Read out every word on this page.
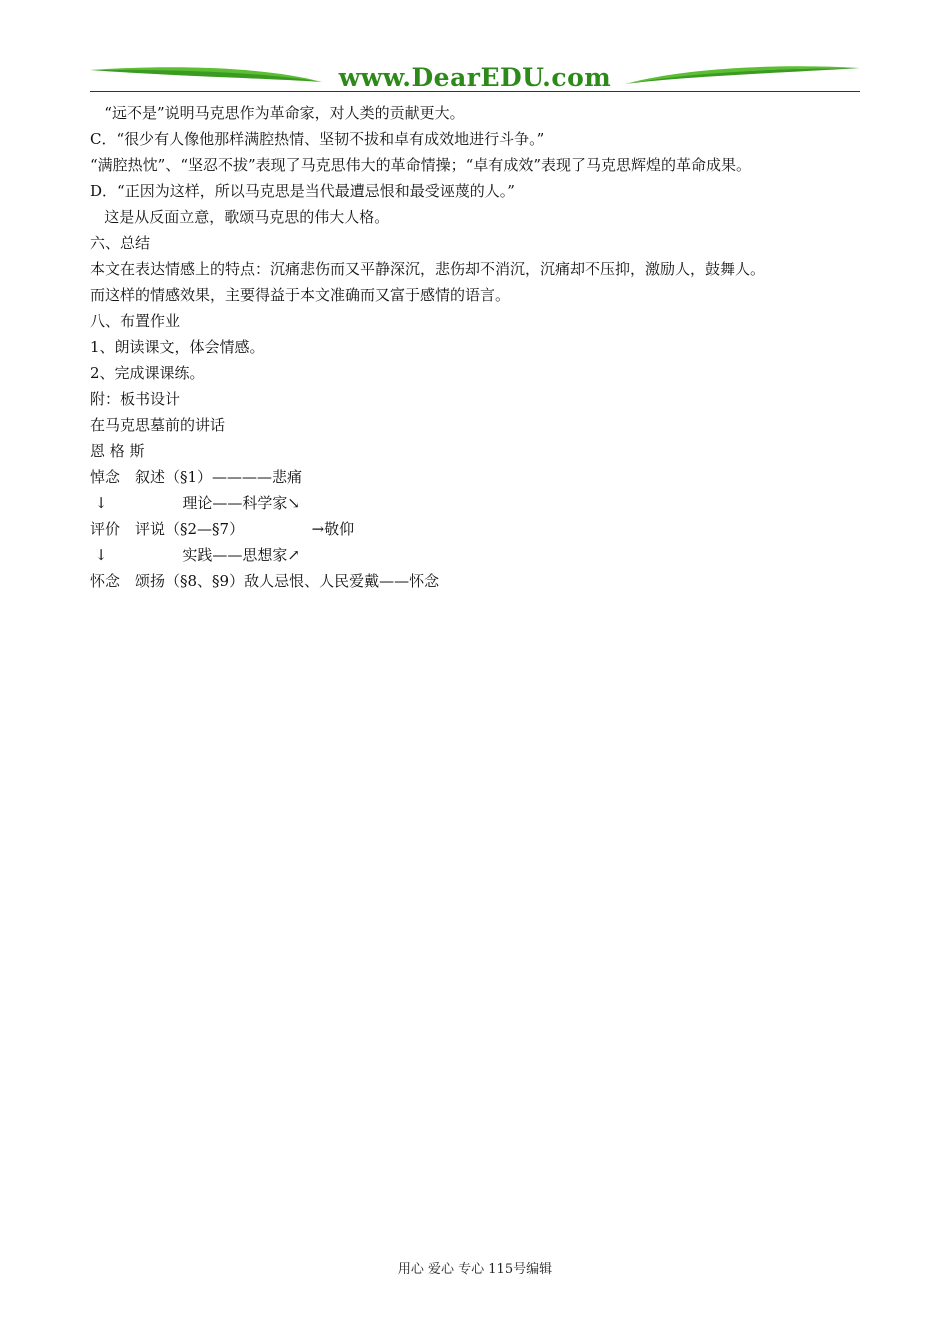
www.DearEDU.com
“远不是”说明马克思作为革命家，对人类的贡献更大。
C．“很少有人像他那样满腔热情、坚韧不拔和卓有成效地进行斗争。”
“满腔热忱”、“坚忍不拔”表现了马克思伟大的革命情操；“卓有成效”表现了马克思辉煌的革命成果。
D．“正因为这样，所以马克思是当代最遭忌恨和最受诬蔑的人。”
这是从反面立意，歌颂马克思的伟大人格。
六、总结
本文在表达情感上的特点：沉痛悲伤而又平静深沉，悲伤却不消沉，沉痛却不压抑，激励人，鼓舞人。
而这样的情感效果，主要得益于本文准确而又富于感情的语言。
八、布置作业
1、朗读课文，体会情感。
2、完成课课练。
附：板书设计
在马克思墓前的讲话
恩 格 斯
悼念　叙述（§1）————悲痛
↓　　　　　理论——科学家↘
评价　评说（§2—§7）　　　　　→敬仰
↓　　　　　实践——思想家↗
怀念　颂扬（§8、§9）敌人忌恨、人民爱戴——怀念
用心 爱心 专心 115号编辑
